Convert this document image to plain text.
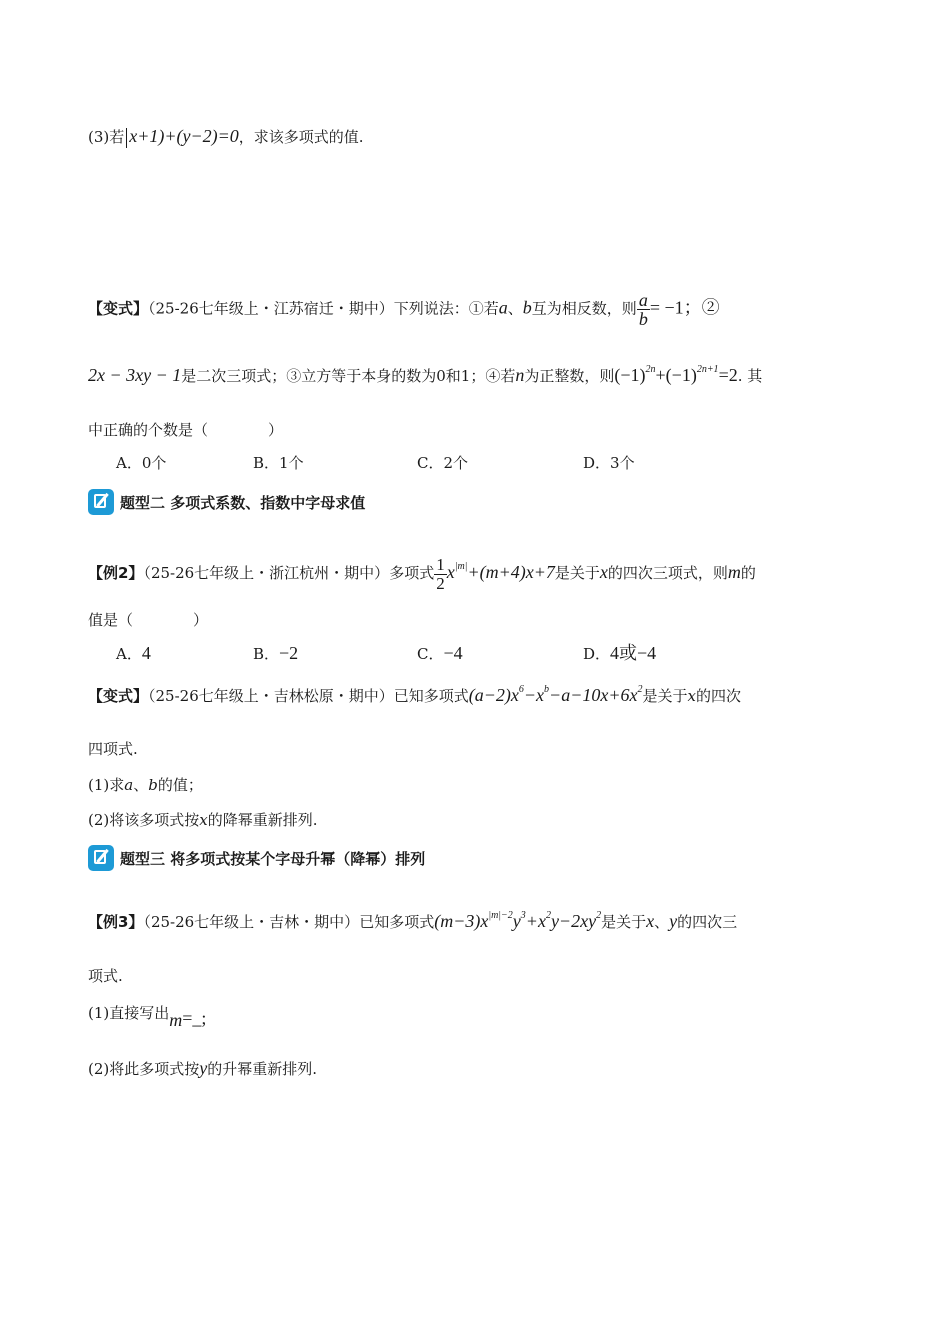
(3)若 x+1)+(y−2)=0，求该多项式的值.
【变式】（25-26七年级上・江苏宿迁・期中）下列说法：①若a、b互为相反数，则 $\frac{a}{b} = -1$；②
2x − 3xy − 1是二次三项式；③立方等于本身的数为0和1；④若n为正整数，则$(-1)^{2n}+(-1)^{2n+1}=2$. 其
中正确的个数是（　　　　）
A．0个	B．1个	C．2个	D．3个
题型二 多项式系数、指数中字母求值
【例2】（25-26七年级上・浙江杭州・期中）多项式 $\frac{1}{2} x^{|m|}+(m+4)x+7$是关于x的四次三项式，则m的
值是（　　　　）
A．4	B．−2	C．−4	D．4或−4
【变式】（25-26七年级上・吉林松原・期中）已知多项式$(a-2)x^6-x^b-a-10x+6x^2$是关于x的四次
四项式.
(1)求a、b的值；
(2)将该多项式按x的降幂重新排列.
题型三 将多项式按某个字母升幂（降幂）排列
【例3】（25-26七年级上・吉林・期中）已知多项式$(m-3)x^{|m|-2}y^3+x^2y-2xy^2$是关于x、y的四次三
项式.
(1)直接写出m=_;
(2)将此多项式按y的升幂重新排列.
